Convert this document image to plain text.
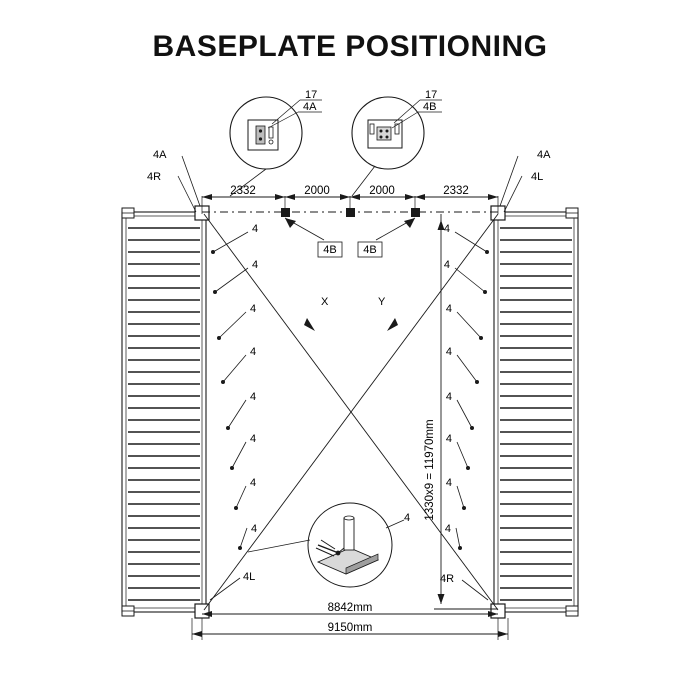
BASEPLATE POSITIONING
1330x9 = 11970mm
2332	2000	2000	2332
8842mm
9150mm
4
4
4
4
4
4
4
4
4
4
4
4
4
4
4
4
4A
4R
4A
4L
4L	4R
4B 4B
X	Y
17
4A
17
4B
4
